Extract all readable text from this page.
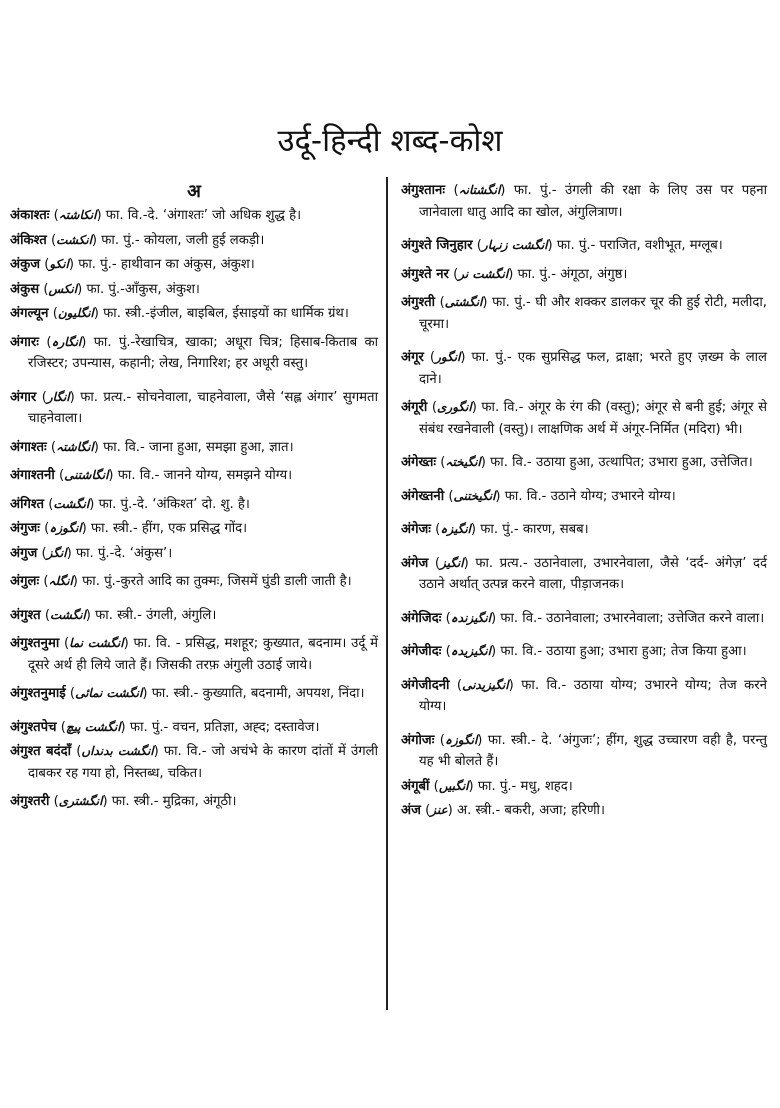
उर्दू-हिन्दी शब्द-कोश
अ

अंकाश्तः (انکاشتہ) फा. वि.-दे. ‘अंगाश्तः’ जो अधिक शुद्ध है।

अंकिश्त (انکشت) फा. पुं.- कोयला, जली हुई लकड़ी।

अंकुज (انکو) फा. पुं.- हाथीवान का अंकुस, अंकुश।

अंकुस (انکس) फा. पुं.-आँकुस, अंकुश।

अंगल्यून (انگلیون) फा. स्त्री.-इंजील, बाइबिल, ईसाइयों का धार्मिक ग्रंथ।

अंगारः (انگارہ) फा. पुं.-रेखाचित्र, खाका; अधूरा चित्र; हिसाब-किताब का रजिस्टर; उपन्यास, कहानी; लेख, निगारिश; हर अधूरी वस्तु।

अंगार (انگار) फा. प्रत्य.- सोचनेवाला, चाहनेवाला, जैसे ‘सह्ल अंगार’ सुगमता चाहनेवाला।

अंगाश्तः (انگاشتہ) फा. वि.- जाना हुआ, समझा हुआ, ज्ञात।

अंगाश्तनी (انگاشتنی) फा. वि.- जानने योग्य, समझने योग्य।

अंगिश्त (انگشت) फा. पुं.-दे. ‘अंकिश्त’ दो. शु. है।

अंगुजः (انگوزہ) फा. स्त्री.- हींग, एक प्रसिद्ध गोंद।

अंगुज (انگز) फा. पुं.-दे. ‘अंकुस’।

अंगुलः (انگلہ) फा. पुं.-कुरते आदि का तुक्मः, जिसमें घुंडी डाली जाती है।

अंगुश्त (انگشت) फा. स्त्री.- उंगली, अंगुलि।

अंगुश्तनुमा (انگشت نما) फा. वि. - प्रसिद्ध, मशहूर; कुख्यात, बदनाम। उर्दू में दूसरे अर्थ ही लिये जाते हैं। जिसकी तरफ़ अंगुली उठाई जाये।

अंगुश्तनुमाई (انگشت نمائی) फा. स्त्री.- कुख्याति, बदनामी, अपयश, निंदा।

अंगुश्तपेच (انگشت پیچ) फा. पुं.- वचन, प्रतिज्ञा, अह्द; दस्तावेज।

अंगुश्त बदंदाँ (انگشت بدنداں) फा. वि.- जो अचंभे के कारण दांतों में उंगली दाबकर रह गया हो, निस्तब्ध, चकित।

अंगुश्तरी (انگشتری) फा. स्त्री.- मुद्रिका, अंगूठी।

अंगुश्तानः (انگشتانہ) फा. पुं.- उंगली की रक्षा के लिए उस पर पहना जानेवाला धातु आदि का खोल, अंगुलित्राण।

अंगुश्ते जिनुहार (انگشت زنہار) फा. पुं.- पराजित, वशीभूत, मग्लूब।

अंगुश्ते नर (انگشت نر) फा. पुं.- अंगूठा, अंगुष्ठ।

अंगुश्ती (انگشتی) फा. पुं.- घी और शक्कर डालकर चूर की हुई रोटी, मलीदा, चूरमा।

अंगूर (انگور) फा. पुं.- एक सुप्रसिद्ध फल, द्राक्षा; भरते हुए ज़ख्म के लाल दाने।

अंगूरी (انگوری) फा. वि.- अंगूर के रंग की (वस्तु); अंगूर से बनी हुई; अंगूर से संबंध रखनेवाली (वस्तु)। लाक्षणिक अर्थ में अंगूर-निर्मित (मदिरा) भी।

अंगेख्तः (انگیختہ) फा. वि.- उठाया हुआ, उत्थापित; उभारा हुआ, उत्तेजित।

अंगेख्तनी (انگیختنی) फा. वि.- उठाने योग्य; उभारने योग्य।

अंगेजः (انگیزہ) फा. पुं.- कारण, सबब।

अंगेज (انگیز) फा. प्रत्य.- उठानेवाला, उभारनेवाला, जैसे ‘दर्द- अंगेज़’ दर्द उठाने अर्थात् उत्पन्न करने वाला, पीड़ाजनक।

अंगेजिदः (انگیزندہ) फा. वि.- उठानेवाला; उभारनेवाला; उत्तेजित करने वाला।

अंगेजीदः (انگیزیدہ) फा. वि.- उठाया हुआ; उभारा हुआ; तेज किया हुआ।

अंगेजीदनी (انگیزیدنی) फा. वि.- उठाया योग्य; उभारने योग्य; तेज करने योग्य।

अंगोजः (انگوزہ) फा. स्त्री.- दे. ‘अंगुजः’; हींग, शुद्ध उच्चारण वही है, परन्तु यह भी बोलते हैं।

अंगूबीं (انگبیں) फा. पुं.- मधु, शहद।

अंज (عنز) अ. स्त्री.- बकरी, अजा; हरिणी।
